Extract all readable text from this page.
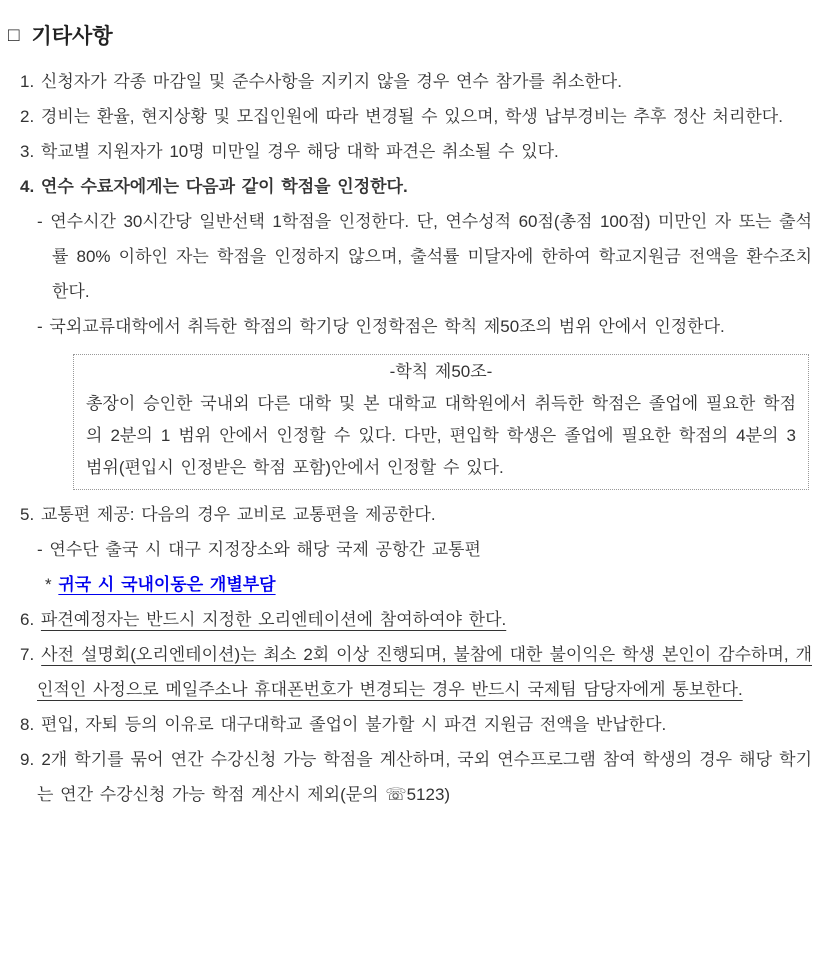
□ 기타사항

1. 신청자가 각종 마감일 및 준수사항을 지키지 않을 경우 연수 참가를 취소한다.

2. 경비는 환율, 현지상황 및 모집인원에 따라 변경될 수 있으며, 학생 납부경비는 추후 정산 처리한다.

3. 학교별 지원자가 10명 미만일 경우 해당 대학 파견은 취소될 수 있다.

4. 연수 수료자에게는 다음과 같이 학점을 인정한다.

- 연수시간 30시간당 일반선택 1학점을 인정한다. 단, 연수성적 60점(총점 100점) 미만인 자 또는 출석률 80% 이하인 자는 학점을 인정하지 않으며, 출석률 미달자에 한하여 학교지원금 전액을 환수조치 한다.

- 국외교류대학에서 취득한 학점의 학기당 인정학점은 학칙 제50조의 범위 안에서 인정한다.

-학칙 제50조-
총장이 승인한 국내외 다른 대학 및 본 대학교 대학원에서 취득한 학점은 졸업에 필요한 학점의 2분의 1 범위 안에서 인정할 수 있다. 다만, 편입학 학생은 졸업에 필요한 학점의 4분의 3 범위(편입시 인정받은 학점 포함)안에서 인정할 수 있다.

5. 교통편 제공: 다음의 경우 교비로 교통편을 제공한다.

- 연수단 출국 시 대구 지정장소와 해당 국제 공항간 교통편

* 귀국 시 국내이동은 개별부담

6. 파견예정자는 반드시 지정한 오리엔테이션에 참여하여야 한다.

7. 사전 설명회(오리엔테이션)는 최소 2회 이상 진행되며, 불참에 대한 불이익은 학생 본인이 감수하며, 개인적인 사정으로 메일주소나 휴대폰번호가 변경되는 경우 반드시 국제팀 담당자에게 통보한다.

8. 편입, 자퇴 등의 이유로 대구대학교 졸업이 불가할 시 파견 지원금 전액을 반납한다.

9. 2개 학기를 묶어 연간 수강신청 가능 학점을 계산하며, 국외 연수프로그램 참여 학생의 경우 해당 학기는 연간 수강신청 가능 학점 계산시 제외(문의 ☏5123)
